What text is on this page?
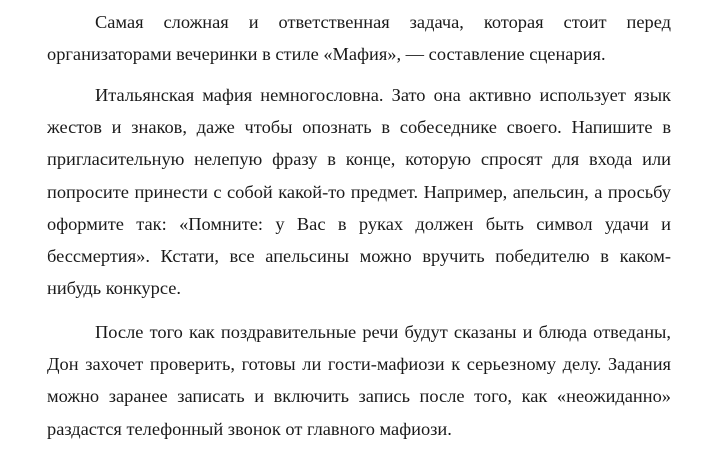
Самая сложная и ответственная задача, которая стоит перед
организаторами вечеринки в стиле «Мафия», — составление сценария.

Итальянская мафия немногословна. Зато она активно использует язык
жестов и знаков, даже чтобы опознать в собеседнике своего. Напишите в
пригласительную нелепую фразу в конце, которую спросят для входа или
попросите принести с собой какой-то предмет. Например, апельсин, а просьбу
оформите так: «Помните: у Вас в руках должен быть символ удачи и
бессмертия». Кстати, все апельсины можно вручить победителю в каком-
нибудь конкурсе.

После того как поздравительные речи будут сказаны и блюда отведаны,
Дон захочет проверить, готовы ли гости-мафиози к серьезному делу. Задания
можно заранее записать и включить запись после того, как «неожиданно»
раздастся телефонный звонок от главного мафиози.
